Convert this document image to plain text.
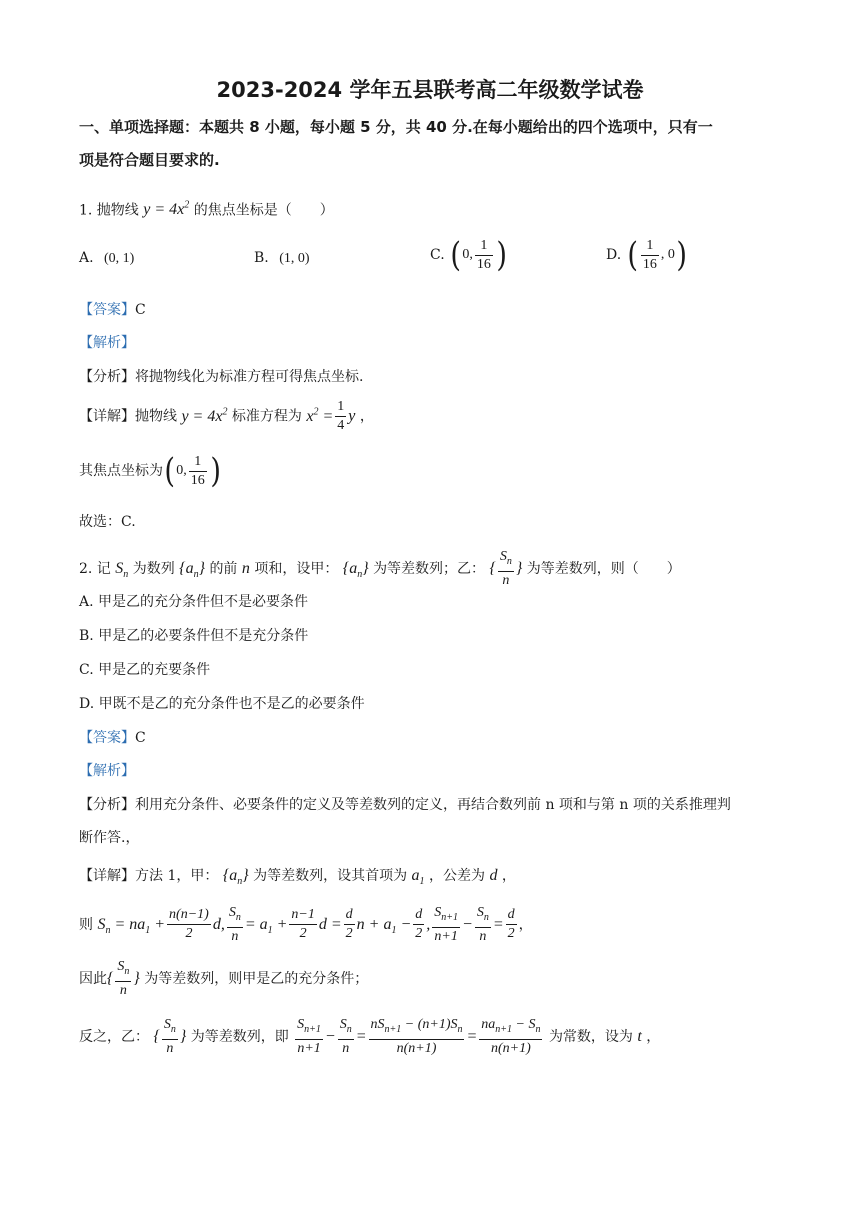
2023-2024 学年五县联考高二年级数学试卷
一、单项选择题：本题共 8 小题，每小题 5 分，共 40 分.在每小题给出的四个选项中，只有一
项是符合题目要求的.
1. 抛物线 $y = 4x^2$ 的焦点坐标是（　　）
A. (0, 1)	B. (1, 0)	C. (0, $\frac{1}{16}$ )	D. ( $\frac{1}{16}$ , 0)
【答案】C
【解析】
【分析】将抛物线化为标准方程可得焦点坐标.
【详解】抛物线 $y = 4x^2$ 标准方程为 $x^2 = \frac{1}{4}$ y ，
其焦点坐标为(0, $\frac{1}{16}$ )
故选：C.
2. 记 $S_n$ 为数列 $\{a_n\}$ 的前 n 项和，设甲： $\{a_n\}$ 为等差数列；乙： { $\frac{S_n}{n}$ } 为等差数列，则（　　）
A. 甲是乙的充分条件但不是必要条件
B. 甲是乙的必要条件但不是充分条件
C. 甲是乙的充要条件
D. 甲既不是乙的充分条件也不是乙的必要条件
【答案】C
【解析】
【分析】利用充分条件、必要条件的定义及等差数列的定义，再结合数列前 n 项和与第 n 项的关系推理判
断作答.，
【详解】方法 1，甲： $\{a_n\}$ 为等差数列，设其首项为 $a_1$ ，公差为 d ，
则 $S_n = na_1 + \frac{n(n-1)}{2} d$, $\frac{S_n}{n} = a_1 + \frac{n-1}{2}$ $d = \frac{d}{2}$ $n + a_1 - \frac{d}{2}$ , $\frac{S_{n+1}}{n+1} - \frac{S_n}{n} = \frac{d}{2}$ ，
因此{ $\frac{S_n}{n}$ } 为等差数列，则甲是乙的充分条件；
反之，乙： { $\frac{S_n}{n}$ } 为等差数列，即 $\frac{S_{n+1}}{n+1} - \frac{S_n}{n} = \frac{nS_{n+1} - (n+1)S_n}{n(n+1)} = \frac{na_{n+1} - S_n}{n(n+1)}$ 为常数，设为 t ，
